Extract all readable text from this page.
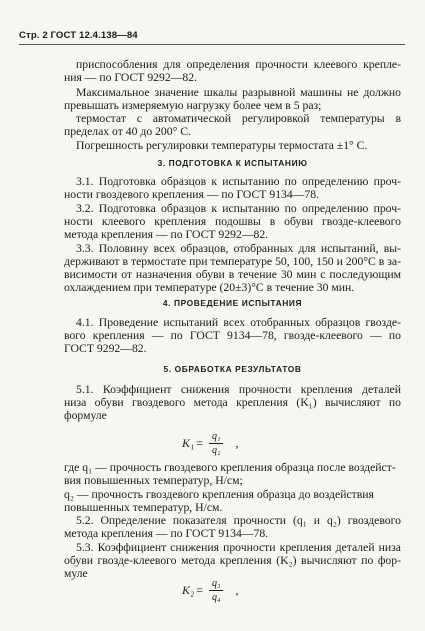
Стр. 2 ГОСТ 12.4.138—84
приспособления для определения прочности клеевого крепле-
ния — по ГОСТ 9292—82.
Максимальное значение шкалы разрывной машины не должно
превышать измеряемую нагрузку более чем в 5 раз;
термостат с автоматической регулировкой температуры в
пределах от 40 до 200° C.
Погрешность регулировки температуры термостата ±1° С.
3.1. Подготовка образцов к испытанию по определению проч-
ности гвоздевого крепления — по ГОСТ 9134—78.
3.2. Подготовка образцов к испытанию по определению проч-
ности клеевого крепления подошвы в обуви гвоздe-клеевого
метода крепления — по ГОСТ 9292—82.
3.3. Половину всех образцов, отобранных для испытаний, вы-
держивают в термостате при температуре 50, 100, 150 и 200°С в за-
висимости от назначения обуви в течение 30 мин с последующим
охлаждением при температуре (20±3)°С в течение 30 мин.
4.1. Проведение испытаний всех отобранных образцов гвозде-
вого крепления — по ГОСТ 9134—78, гвоздe-клеевого — по
ГОСТ 9292—82.
5.1. Коэффициент снижения прочности крепления деталей
низа обуви гвоздевого метода крепления (K₁) вычисляют по
формуле
где q₁ — прочность гвоздевого крепления образца после воздейст-
вия повышенных температур, Н/см;
q₂ — прочность гвоздевого крепления образца до воздействия
повышенных температур, Н/см.
5.2. Определение показателя прочности (q₁ и q₂) гвоздевого
метода крепления — по ГОСТ 9134—78.
5.3. Коэффициент снижения прочности крепления деталей низа
обуви гвоздe-клеевого метода крепления (K₂) вычисляют по фор-
муле
3. ПОДГОТОВКА К ИСПЫТАНИЮ
4. ПРОВЕДЕНИЕ ИСПЫТАНИЯ
5. ОБРАБОТКА РЕЗУЛЬТАТОВ
$K_1 = \frac{\text{q₁}}{\text{q₂}}$ ,
$K_2 = \frac{\text{q₃}}{\text{q₄}}$ ,
